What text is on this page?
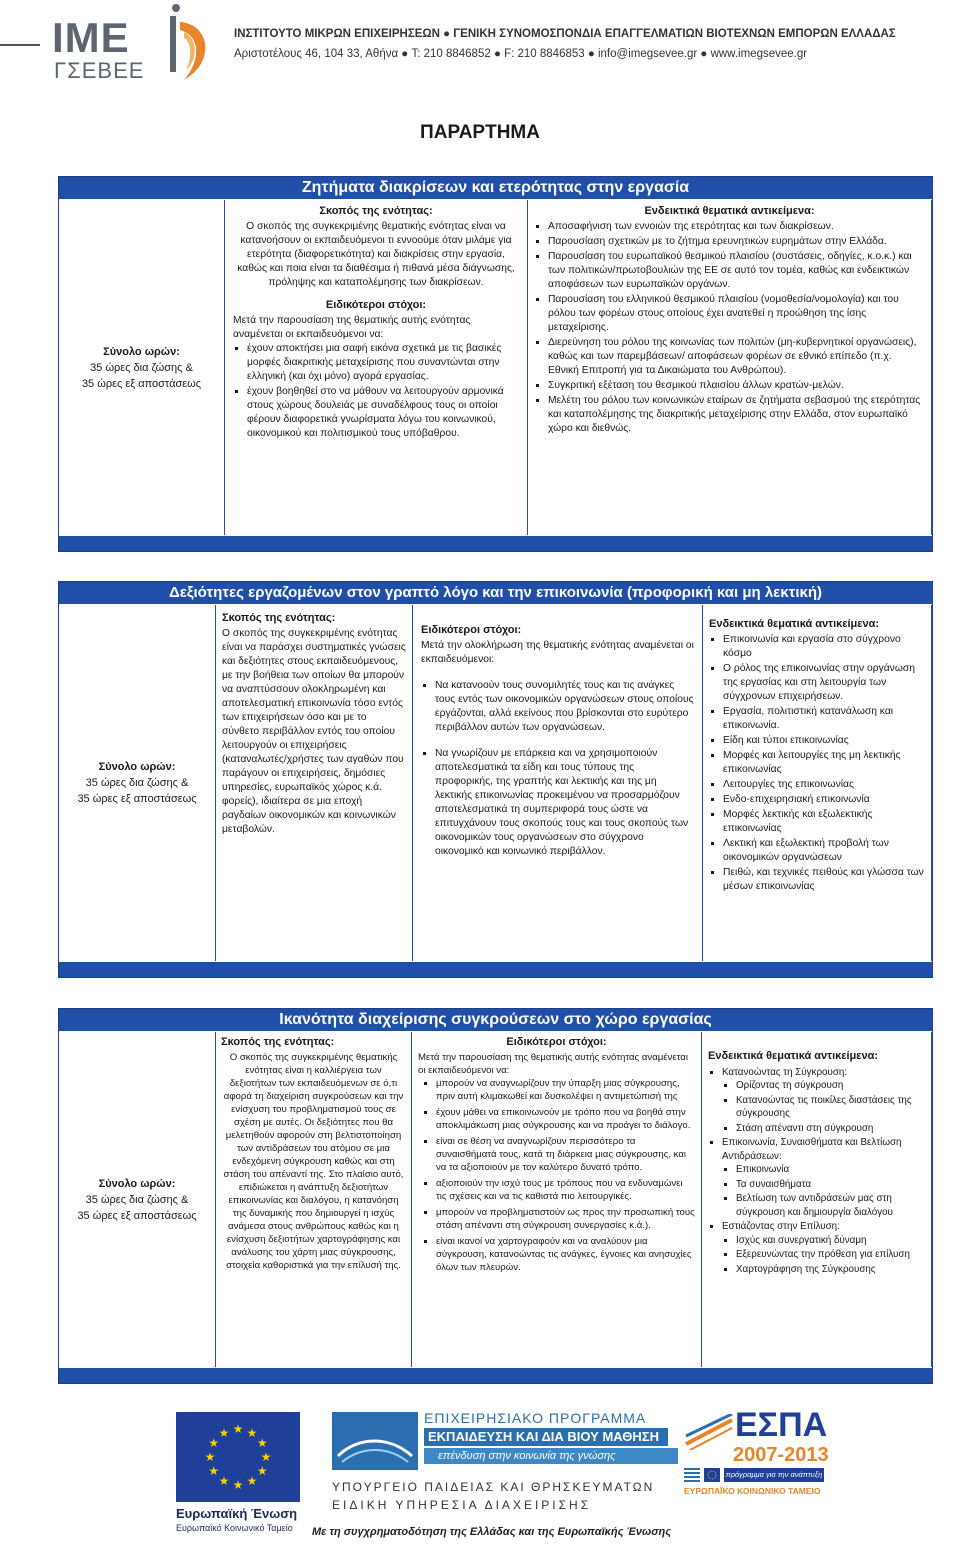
ΙΜΕ
ΓΣΕΒΕΕ
ΙΝΣΤΙΤΟΥΤΟ ΜΙΚΡΩΝ ΕΠΙΧΕΙΡΗΣΕΩΝ ● ΓΕΝΙΚΗ ΣΥΝΟΜΟΣΠΟΝΔΙΑ ΕΠΑΓΓΕΛΜΑΤΙΩΝ ΒΙΟΤΕΧΝΩΝ ΕΜΠΟΡΩΝ ΕΛΛΑΔΑΣ
Αριστοτέλους 46, 104 33, Αθήνα ● T: 210 8846852 ● F: 210 8846853 ● info@imegsevee.gr ● www.imegsevee.gr
ΠΑΡΑΡΤΗΜΑ
Ζητήματα διακρίσεων και ετερότητας στην εργασία
Σύνολο ωρών:
35 ώρες δια ζώσης &
35 ώρες εξ αποστάσεως
Σκοπός της ενότητας:

Ο σκοπός της συγκεκριμένης θεματικής ενότητας είναι να κατανοήσουν οι εκπαιδευόμενοι τι εννοούμε όταν μιλάμε για ετερότητα (διαφορετικότητα) και διακρίσεις στην εργασία, καθώς και ποια είναι τα διαθέσιμα ή πιθανά μέσα διάγνωσης, πρόληψης και καταπολέμησης των διακρίσεων.

Ειδικότεροι στόχοι:

Μετά την παρουσίαση της θεματικής αυτής ενότητας αναμένεται οι εκπαιδευόμενοι να:

▪ έχουν αποκτήσει μια σαφή εικόνα σχετικά με τις βασικές μορφές διακριτικής μεταχείρισης που συναντώνται στην ελληνική (και όχι μόνο) αγορά εργασίας.
▪ έχουν βοηθηθεί στο να μάθουν να λειτουργούν αρμονικά στους χώρους δουλειάς με συναδέλφους τους οι οποίοι φέρουν διαφορετικά γνωρίσματα λόγω του κοινωνικού, οικονομικού και πολιτισμικού τους υπόβαθρου.
Ενδεικτικά θεματικά αντικείμενα:
▪ Αποσαφήνιση των εννοιών της ετερότητας και των διακρίσεων.
▪ Παρουσίαση σχετικών με το ζήτημα ερευνητικών ευρημάτων στην Ελλάδα.
▪ Παρουσίαση του ευρωπαϊκού θεσμικού πλαισίου (συστάσεις, οδηγίες, κ.ο.κ.) και των πολιτικών/πρωτοβουλιών της ΕΕ σε αυτό τον τομέα, καθώς και ενδεικτικών αποφάσεων των ευρωπαϊκών οργάνων.
▪ Παρουσίαση του ελληνικού θεσμικού πλαισίου (νομοθεσία/νομολογία) και του ρόλου των φορέων στους οποίους έχει ανατεθεί η προώθηση της ίσης μεταχείρισης.
▪ Διερεύνηση του ρόλου της κοινωνίας των πολιτών (μη-κυβερνητικοί οργανώσεις), καθώς και των παρεμβάσεων/ αποφάσεων φορέων σε εθνικό επίπεδο (π.χ. Εθνική Επιτροπή για τα Δικαιώματα του Ανθρώπου).
▪ Συγκριτική εξέταση του θεσμικού πλαισίου άλλων κρατών-μελών.
▪ Μελέτη του ρόλου των κοινωνικών εταίρων σε ζητήματα σεβασμού της ετερότητας και καταπολέμησης της διακριτικής μεταχείρισης στην Ελλάδα, στον ευρωπαϊκό χώρο και διεθνώς.
Δεξιότητες εργαζομένων στον γραπτό λόγο και την επικοινωνία (προφορική και μη λεκτική)
Σύνολο ωρών:
35 ώρες δια ζώσης &
35 ώρες εξ αποστάσεως
Σκοπός της ενότητας:

Ο σκοπός της συγκεκριμένης ενότητας είναι να παράσχει συστηματικές γνώσεις και δεξιότητες στους εκπαιδευόμενους, με την βοήθεια των οποίων θα μπορούν να αναπτύσσουν ολοκληρωμένη και αποτελεσματική επικοινωνία τόσο εντός των επιχειρήσεων όσο και με το σύνθετο περιβάλλον εντός του οποίου λειτουργούν οι επιχειρήσεις (καταναλωτές/χρήστες των αγαθών που παράγουν οι επιχειρήσεις, δημόσιες υπηρεσίες, ευρωπαϊκός χώρος κ.ά. φορείς), ιδιαίτερα σε μια εποχή ραγδαίων οικονομικών και κοινωνικών μεταβολών.

Ειδικότεροι στόχοι:

Μετά την ολοκλήρωση της θεματικής ενότητας αναμένεται οι εκπαιδευόμενοι:

▪ Να κατανοούν τους συνομιλητές τους και τις ανάγκες τους εντός των οικονομικών οργανώσεων στους οποίους εργάζονται, αλλά εκείνους που βρίσκονται στο ευρύτερο περιβάλλον αυτών των οργανώσεων.
▪ Να γνωρίζουν με επάρκεια και να χρησιμοποιούν αποτελεσματικά τα είδη και τους τύπους της προφορικής, της γραπτής και λεκτικής και της μη λεκτικής επικοινωνίας προκειμένου να προσαρμόζουν αποτελεσματικά τη συμπεριφορά τους ώστε να επιτυγχάνουν τους σκοπούς τους και τους σκοπούς των οικονομικών τους οργανώσεων στο σύγχρονο οικονομικό και κοινωνικό περιβάλλον.
Ενδεικτικά θεματικά αντικείμενα:
▪ Επικοινωνία και εργασία στο σύγχρονο κόσμο
▪ Ο ρόλος της επικοινωνίας στην οργάνωση της εργασίας και στη λειτουργία των σύγχρονων επιχειρήσεων.
▪ Εργασία, πολιτιστική κατανάλωση και επικοινωνία.
▪ Είδη και τύποι επικοινωνίας
▪ Μορφές και λειτουργίες της μη λεκτικής επικοινωνίας
▪ Λειτουργίες της επικοινωνίας
▪ Ενδο-επιχειρησιακή επικοινωνία
▪ Μορφές λεκτικής και εξωλεκτικής επικοινωνίας
▪ Λεκτική και εξωλεκτική προβολή των οικονομικών οργανώσεων
▪ Πειθώ, και τεχνικές πειθούς και γλώσσα των μέσων επικοινωνίας
Ικανότητα διαχείρισης συγκρούσεων στο χώρο εργασίας
Σύνολο ωρών:
35 ώρες δια ζώσης &
35 ώρες εξ αποστάσεως
Σκοπός της ενότητας:

Ο σκοπός της συγκεκριμένης θεματικής ενότητας είναι η καλλιέργεια των δεξιοτήτων των εκπαιδευόμενων σε ό,τι αφορά τη διαχείριση συγκρούσεων και την ενίσχυση του προβληματισμού τους σε σχέση με αυτές. Οι δεξιότητες που θα μελετηθούν αφορούν στη βελτιστοποίηση των αντιδράσεων του ατόμου σε μια ενδεχόμενη σύγκρουση καθώς και στη στάση του απέναντί της. Στο πλαίσιο αυτό, επιδιώκεται η ανάπτυξη δεξιοτήτων επικοινωνίας και διαλόγου, η κατανόηση της δυναμικής που δημιουργεί η ισχύς ανάμεσα στους ανθρώπους καθώς και η ενίσχυση δεξιοτήτων χαρτογράφησης και ανάλυσης του χάρτη μιας σύγκρουσης, στοιχεία καθοριστικά για την επίλυσή της.

Ειδικότεροι στόχοι:

Μετά την παρουσίαση της θεματικής αυτής ενότητας αναμένεται οι εκπαιδευόμενοι να:

▪ μπορούν να αναγνωρίζουν την ύπαρξη μιας σύγκρουσης, πριν αυτή κλιμακωθεί και δυσκολέψει η αντιμετώπισή της
▪ έχουν μάθει να επικοινωνούν με τρόπο που να βοηθά στην αποκλιμάκωση μιας σύγκρουσης και να προάγει το διάλογο.
▪ είναι σε θέση να αναγνωρίζουν περισσότερο τα συναισθήματά τους, κατά τη διάρκεια μιας σύγκρουσης, και να τα αξιοποιούν με τον καλύτερο δυνατό τρόπο.
▪ αξιοποιούν την ισχύ τους με τρόπους που να ενδυναμώνει τις σχέσεις και να τις καθιστά πιο λειτουργικές.
▪ μπορούν να προβληματιστούν ως προς την προσωπική τους στάση απέναντι στη σύγκρουση συνεργασίες κ.ά.).
▪ είναι ικανοί να χαρτογραφούν και να αναλύουν μια σύγκρουση, κατανοώντας τις ανάγκες, έγνοιες και ανησυχίες όλων των πλευρών.
Ενδεικτικά θεματικά αντικείμενα:
▪ Κατανοώντας τη Σύγκρουση:
▪ Ορίζοντας τη σύγκρουση
▪ Κατανοώντας τις ποικίλες διαστάσεις της σύγκρουσης
▪ Στάση απέναντι στη σύγκρουση
▪ Επικοινωνία, Συναισθήματα και Βελτίωση Αντιδράσεων:
▪ Επικοινωνία
▪ Τα συναισθήματα
▪ Βελτίωση των αντιδράσεών μας στη σύγκρουση και δημιουργία διαλόγου
▪ Εστιάζοντας στην Επίλυση:
▪ Ισχύς και συνεργατική δύναμη
▪ Εξερευνώντας την πρόθεση για επίλυση
▪ Χαρτογράφηση της Σύγκρουσης
★ ★
★
★
★
★
★
★
★
★
★
★
Ευρωπαϊκή Ένωση
Ευρωπαϊκό Κοινωνικό Ταμείο
ΕΠΙΧΕΙΡΗΣΙΑΚΟ ΠΡΟΓΡΑΜΜΑ
ΕΚΠΑΙΔΕΥΣΗ ΚΑΙ ΔΙΑ ΒΙΟΥ ΜΑΘΗΣΗ
επένδυση στην κοινωνία της γνώσης
ΥΠΟΥΡΓΕΙΟ ΠΑΙΔΕΙΑΣ ΚΑΙ ΘΡΗΣΚΕΥΜΑΤΩΝ
ΕΙΔΙΚΗ ΥΠΗΡΕΣΙΑ ΔΙΑΧΕΙΡΙΣΗΣ
ΕΣΠΑ
2007-2013
πρόγραμμα για την ανάπτυξη
ΕΥΡΩΠΑΪΚΟ ΚΟΙΝΩΝΙΚΟ ΤΑΜΕΙΟ
Με τη συγχρηματοδότηση της Ελλάδας και της Ευρωπαϊκής Ένωσης
